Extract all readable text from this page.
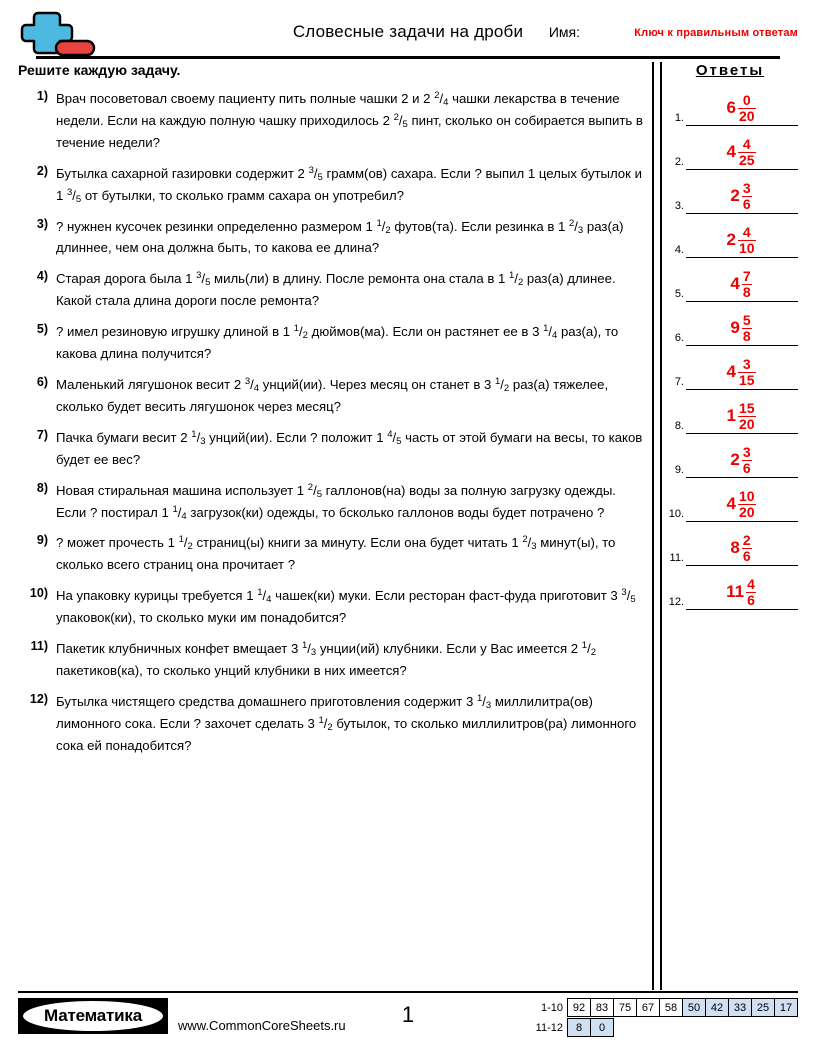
Словесные задачи на дроби	Имя:	Ключ к правильным ответам
Решите каждую задачу.
1) Врач посоветовал своему пациенту пить полные чашки 2 и 2 $^2$/4 чашки лекарства в течение недели. Если на каждую полную чашку приходилось 2 $^2$/5 пинт, сколько он собирается выпить в течение недели?
2) Бутылка сахарной газировки содержит 2 $^3$/5 грамм(ов) сахара. Если ? выпил 1 целых бутылок и 1 $^3$/5 от бутылки, то сколько грамм сахара он употребил?
3) ? нужнен кусочек резинки определенно размером 1 $^1$/2 футов(та). Если резинка в 1 $^2$/3 раз(а) длиннее, чем она должна быть, то какова ее длина?
4) Старая дорога была 1 $^3$/5 миль(ли) в длину. После ремонта она стала в 1 $^1$/2 раз(а) длинее. Какой стала длина дороги после ремонта?
5) ? имел резиновую игрушку длиной в 1 $^1$/2 дюймов(ма). Если он растянет ее в 3 $^1$/4 раз(а), то какова длина получится?
6) Маленький лягушонок весит 2 $^3$/4 унций(ии). Через месяц он станет в 3 $^1$/2 раз(а) тяжелее, сколько будет весить лягушонок через месяц?
7) Пачка бумаги весит 2 $^1$/3 унций(ии). Если ? положит 1 $^4$/5 часть от этой бумаги на весы, то каков будет ее вес?
8) Новая стиральная машина использует 1 $^2$/5 галлонов(на) воды за полную загрузку одежды. Если ? постирал 1 $^1$/4 загрузок(ки) одежды, то бсколько галлонов воды будет потрачено ?
9) ? может прочесть 1 $^1$/2 страниц(ы) книги за минуту. Если она будет читать 1 $^2$/3 минут(ы), то сколько всего страниц она прочитает ?
10) На упаковку курицы требуется 1 $^1$/4 чашек(ки) муки. Если ресторан фаст-фуда приготовит 3 $^3$/5 упаковок(ки), то сколько муки им понадобится?
11) Пакетик клубничных конфет вмещает 3 $^1$/3 унции(ий) клубники. Если у Вас имеется 2 $^1$/2 пакетиков(ка), то сколько унций клубники в них имеется?
12) Бутылка чистящего средства домашнего приготовления содержит 3 $^1$/3 миллилитра(ов) лимонного сока. Если ? захочет сделать 3 $^1$/2 бутылок, то сколько миллилитров(ра) лимонного сока ей понадобится?
Ответы
1.
$6 \frac{0}{20}$
2.
$4 \frac{4}{25}$
3.
$2 \frac{3}{6}$
4.
$2 \frac{4}{10}$
5.
$4 \frac{7}{8}$
6.
$9 \frac{5}{8}$
7.
$4 \frac{3}{15}$
8.
$1 \frac{15}{20}$
9.
$2 \frac{3}{6}$
10.
$4 \frac{10}{20}$
11.
$8 \frac{2}{6}$
12.
$11 \frac{4}{6}$
Математика
www.CommonCoreSheets.ru	1	1-10 92 83 75 67 58 50 42 33 25 17
11-12	8	0
